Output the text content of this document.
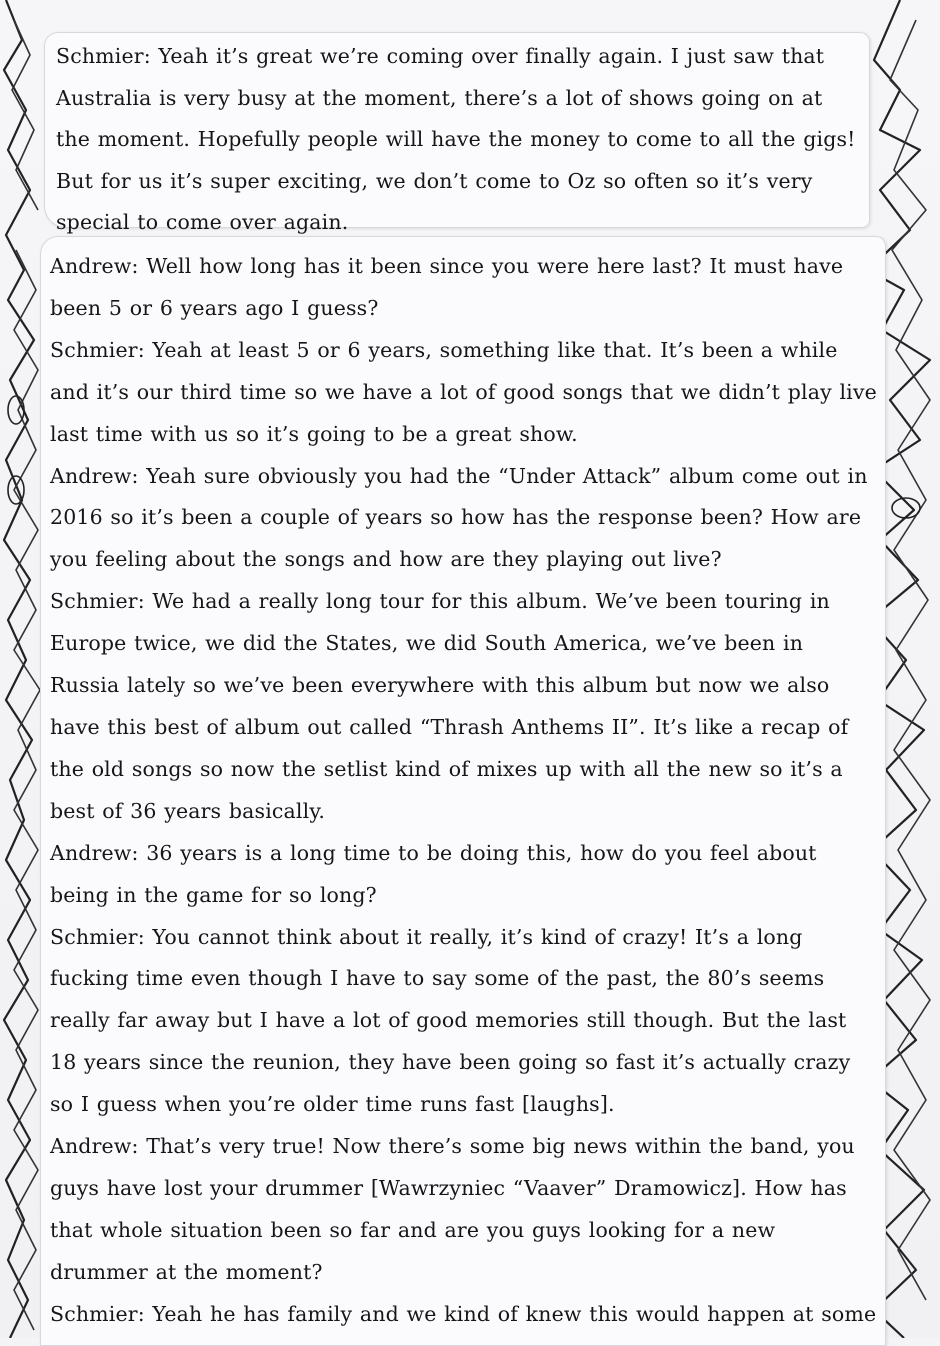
Schmier: Yeah it’s great we’re coming over finally again. I just saw that Australia is very busy at the moment, there’s a lot of shows going on at the moment. Hopefully people will have the money to come to all the gigs! But for us it’s super exciting, we don’t come to Oz so often so it’s very special to come over again.

Andrew: Well how long has it been since you were here last? It must have been 5 or 6 years ago I guess?

Schmier: Yeah at least 5 or 6 years, something like that. It’s been a while and it’s our third time so we have a lot of good songs that we didn’t play live last time with us so it’s going to be a great show.

Andrew: Yeah sure obviously you had the “Under Attack” album come out in 2016 so it’s been a couple of years so how has the response been? How are you feeling about the songs and how are they playing out live?

Schmier: We had a really long tour for this album. We’ve been touring in Europe twice, we did the States, we did South America, we’ve been in Russia lately so we’ve been everywhere with this album but now we also have this best of album out called “Thrash Anthems II”. It’s like a recap of the old songs so now the setlist kind of mixes up with all the new so it’s a best of 36 years basically.

Andrew: 36 years is a long time to be doing this, how do you feel about being in the game for so long?

Schmier: You cannot think about it really, it’s kind of crazy! It’s a long fucking time even though I have to say some of the past, the 80’s seems really far away but I have a lot of good memories still though. But the last 18 years since the reunion, they have been going so fast it’s actually crazy so I guess when you’re older time runs fast [laughs].

Andrew: That’s very true! Now there’s some big news within the band, you guys have lost your drummer [Wawrzyniec “Vaaver” Dramowicz]. How has that whole situation been so far and are you guys looking for a new drummer at the moment?

Schmier: Yeah he has family and we kind of knew this would happen at some
